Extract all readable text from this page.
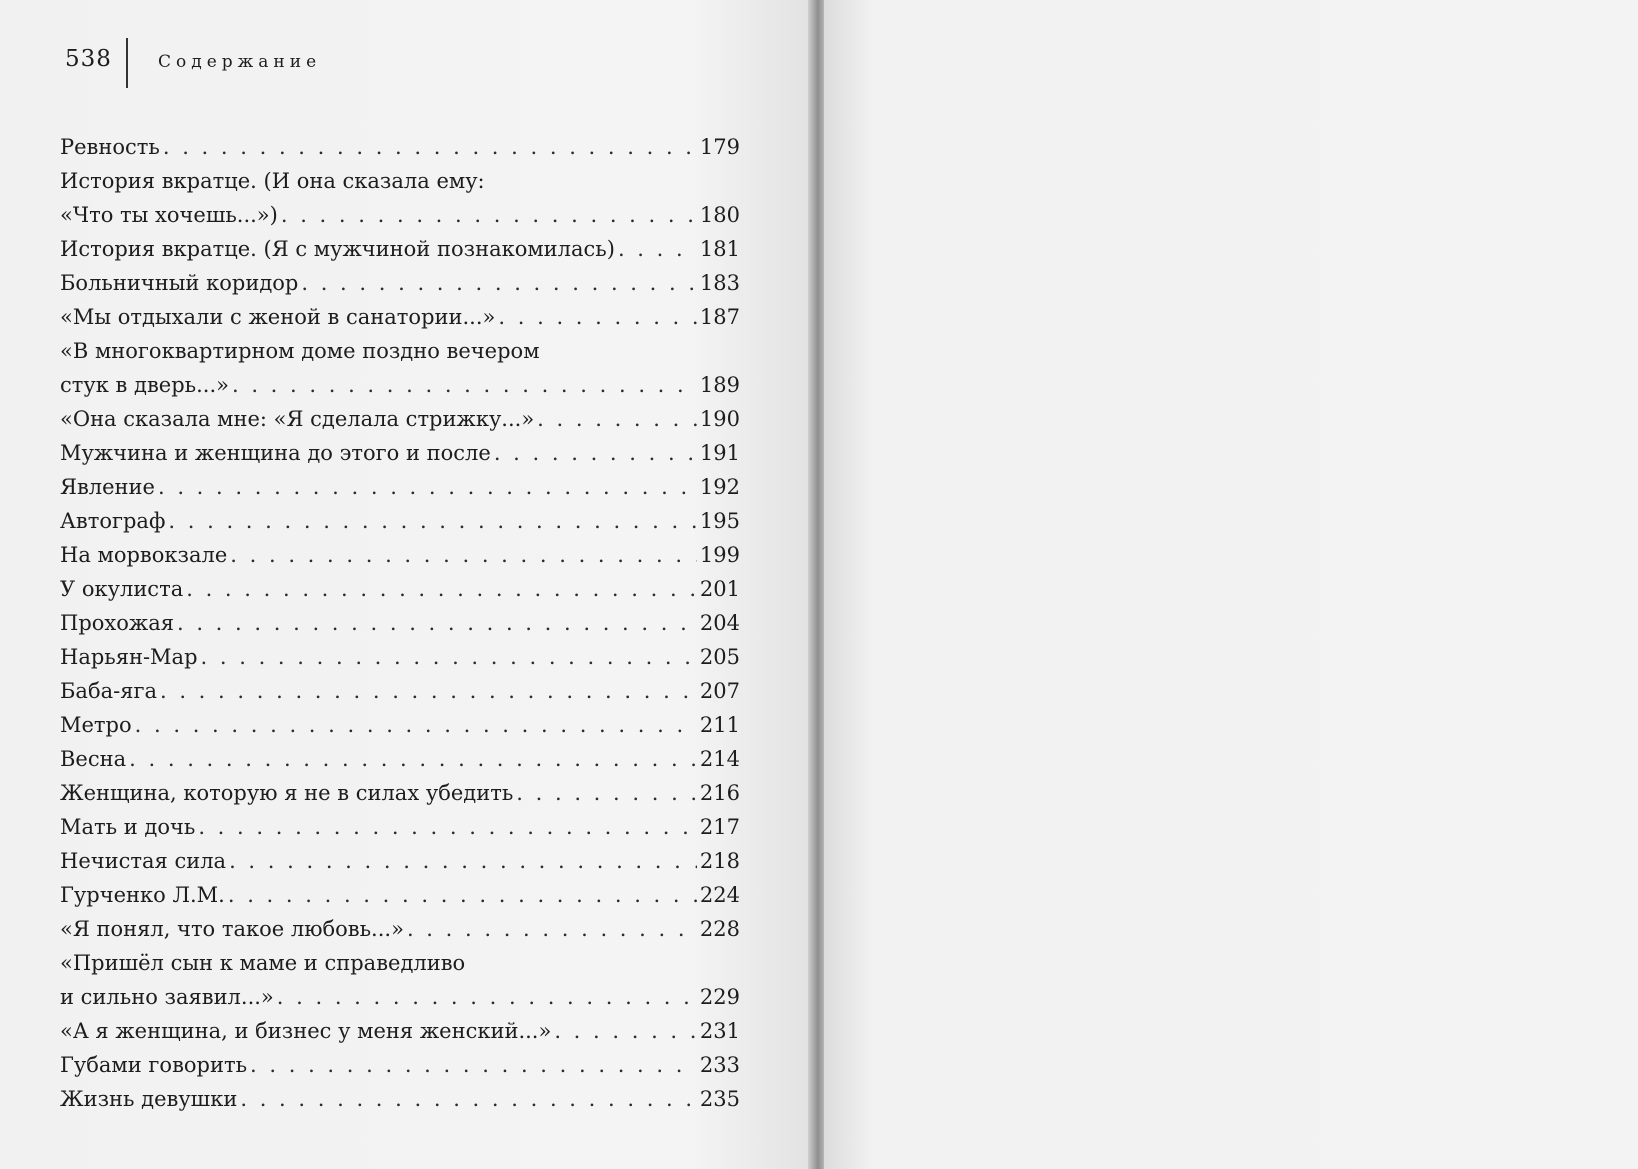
538	Содержание
Ревность . . .	179
История вкратце. (И она сказала ему:
«Что ты хочешь...») . . .	180
История вкратце. (Я с мужчиной познакомилась) . . .	181
Больничный коридор . . .	183
«Мы отдыхали с женой в санатории...» . . .	187
«В многоквартирном доме поздно вечером
стук в дверь...» . . .	189
«Она сказала мне: «Я сделала стрижку...» . . .	190
Мужчина и женщина до этого и после . . .	191
Явление . . .	192
Автограф . . .	195
На морвокзале . . .	199
У окулиста . . .	201
Прохожая . . .	204
Нарьян-Мар . . .	205
Баба-яга . . .	207
Метро . . .	211
Весна . . .	214
Женщина, которую я не в силах убедить . . .	216
Мать и дочь . . .	217
Нечистая сила . . .	218
Гурченко Л.М. . . .	224
«Я понял, что такое любовь...» . . .	228
«Пришёл сын к маме и справедливо
и сильно заявил...» . . .	229
«А я женщина, и бизнес у меня женский...» . . .	231
Губами говорить . . .	233
Жизнь девушки . . .	235
